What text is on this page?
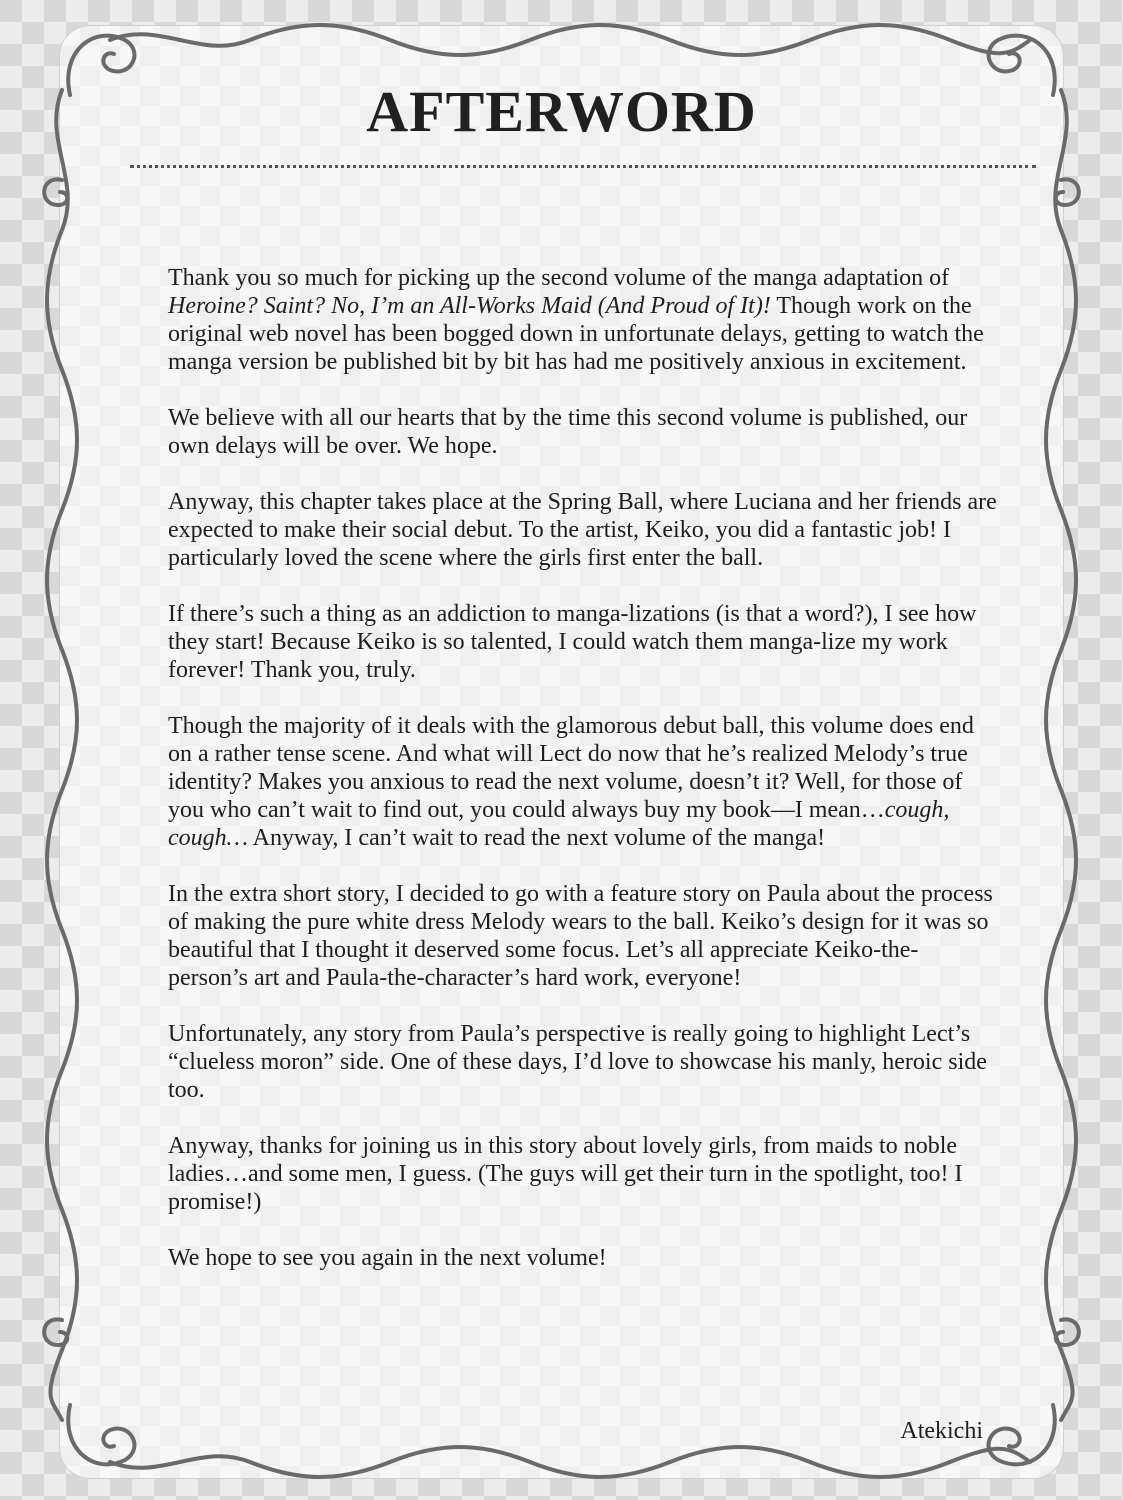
AFTERWORD

Thank you so much for picking up the second volume of the manga adaptation of Heroine? Saint? No, I’m an All-Works Maid (And Proud of It)! Though work on the original web novel has been bogged down in unfortunate delays, getting to watch the manga version be published bit by bit has had me positively anxious in excitement.

We believe with all our hearts that by the time this second volume is published, our own delays will be over. We hope.

Anyway, this chapter takes place at the Spring Ball, where Luciana and her friends are expected to make their social debut. To the artist, Keiko, you did a fantastic job! I particularly loved the scene where the girls first enter the ball.

If there’s such a thing as an addiction to manga-lizations (is that a word?), I see how they start! Because Keiko is so talented, I could watch them manga-lize my work forever! Thank you, truly.

Though the majority of it deals with the glamorous debut ball, this volume does end on a rather tense scene. And what will Lect do now that he’s realized Melody’s true identity? Makes you anxious to read the next volume, doesn’t it? Well, for those of you who can’t wait to find out, you could always buy my book—I mean…cough, cough… Anyway, I can’t wait to read the next volume of the manga!

In the extra short story, I decided to go with a feature story on Paula about the process of making the pure white dress Melody wears to the ball. Keiko’s design for it was so beautiful that I thought it deserved some focus. Let’s all appreciate Keiko-the-person’s art and Paula-the-character’s hard work, everyone!

Unfortunately, any story from Paula’s perspective is really going to highlight Lect’s “clueless moron” side. One of these days, I’d love to showcase his manly, heroic side too.

Anyway, thanks for joining us in this story about lovely girls, from maids to noble ladies…and some men, I guess. (The guys will get their turn in the spotlight, too! I promise!)

We hope to see you again in the next volume!

Atekichi
